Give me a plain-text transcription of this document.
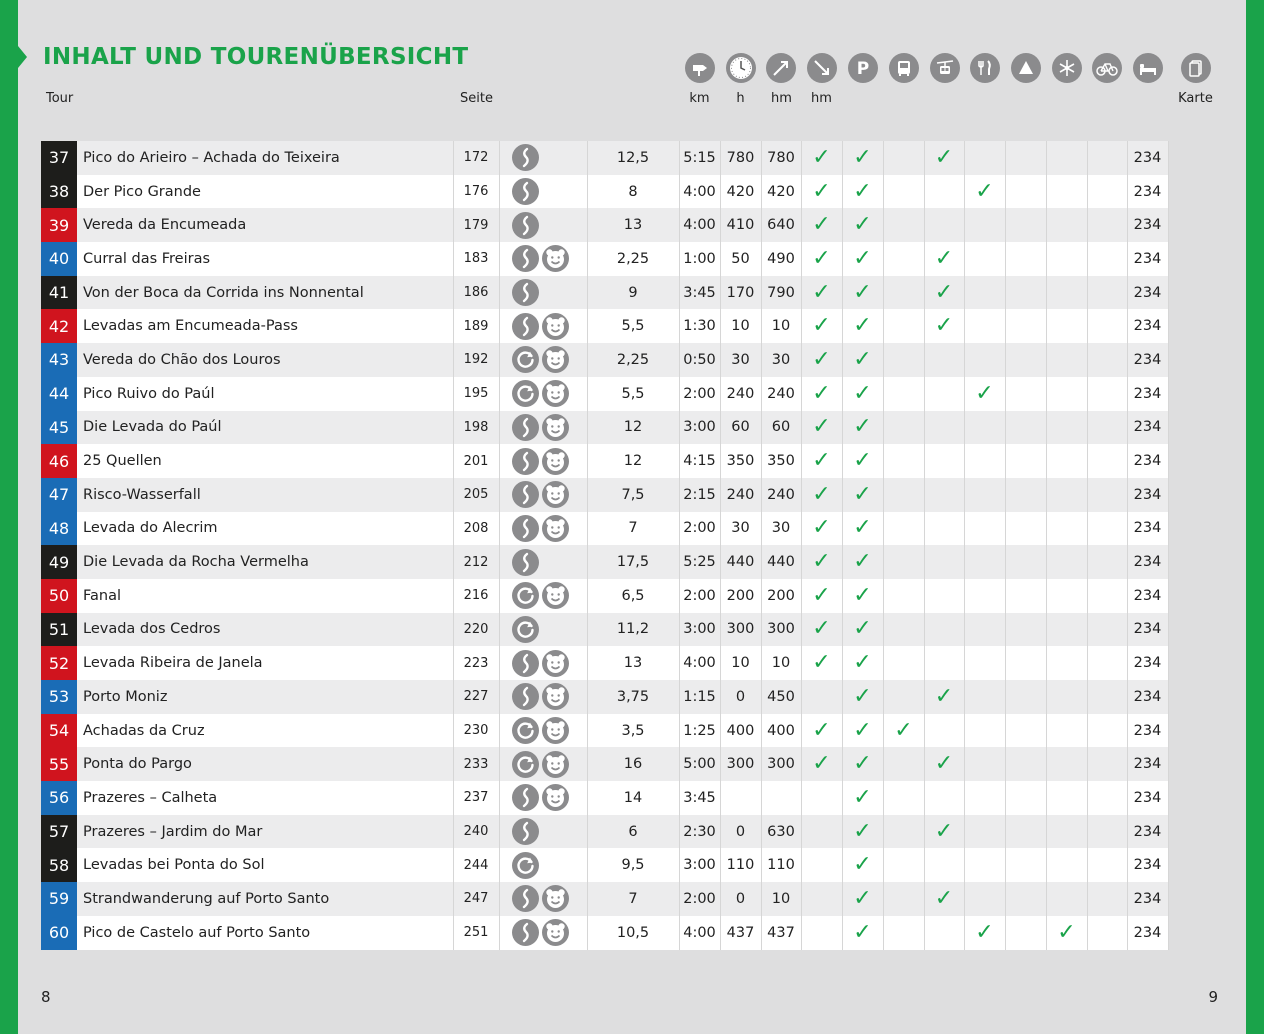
INHALT UND TOURENÜBERSICHT
Tour	Seite
P
km	h	hm	hm	Karte
37	Pico do Arieiro – Achada do Teixeira	172		12,5	5:15	780	780	✓	✓		✓					234
38	Der Pico Grande	176		8	4:00	420	420	✓	✓			✓				234
39	Vereda da Encumeada	179		13	4:00	410	640	✓	✓							234
40	Curral das Freiras	183		2,25	1:00	50	490	✓	✓		✓					234
41	Von der Boca da Corrida ins Nonnental	186		9	3:45	170	790	✓	✓		✓					234
42	Levadas am Encumeada-Pass	189		5,5	1:30	10	10	✓	✓		✓					234
43	Vereda do Chão dos Louros	192		2,25	0:50	30	30	✓	✓							234
44	Pico Ruivo do Paúl	195		5,5	2:00	240	240	✓	✓			✓				234
45	Die Levada do Paúl	198		12	3:00	60	60	✓	✓							234
46	25 Quellen	201		12	4:15	350	350	✓	✓							234
47	Risco-Wasserfall	205		7,5	2:15	240	240	✓	✓							234
48	Levada do Alecrim	208		7	2:00	30	30	✓	✓							234
49	Die Levada da Rocha Vermelha	212		17,5	5:25	440	440	✓	✓							234
50	Fanal	216		6,5	2:00	200	200	✓	✓							234
51	Levada dos Cedros	220		11,2	3:00	300	300	✓	✓							234
52	Levada Ribeira de Janela	223		13	4:00	10	10	✓	✓							234
53	Porto Moniz	227		3,75	1:15	0	450		✓		✓					234
54	Achadas da Cruz	230		3,5	1:25	400	400	✓	✓	✓						234
55	Ponta do Pargo	233		16	5:00	300	300	✓	✓		✓					234
56	Prazeres – Calheta	237		14	3:45				✓							234
57	Prazeres – Jardim do Mar	240		6	2:30	0	630		✓		✓					234
58	Levadas bei Ponta do Sol	244		9,5	3:00	110	110		✓							234
59	Strandwanderung auf Porto Santo	247		7	2:00	0	10		✓		✓					234
60	Pico de Castelo auf Porto Santo	251		10,5	4:00	437	437		✓			✓		✓		234
8	9
